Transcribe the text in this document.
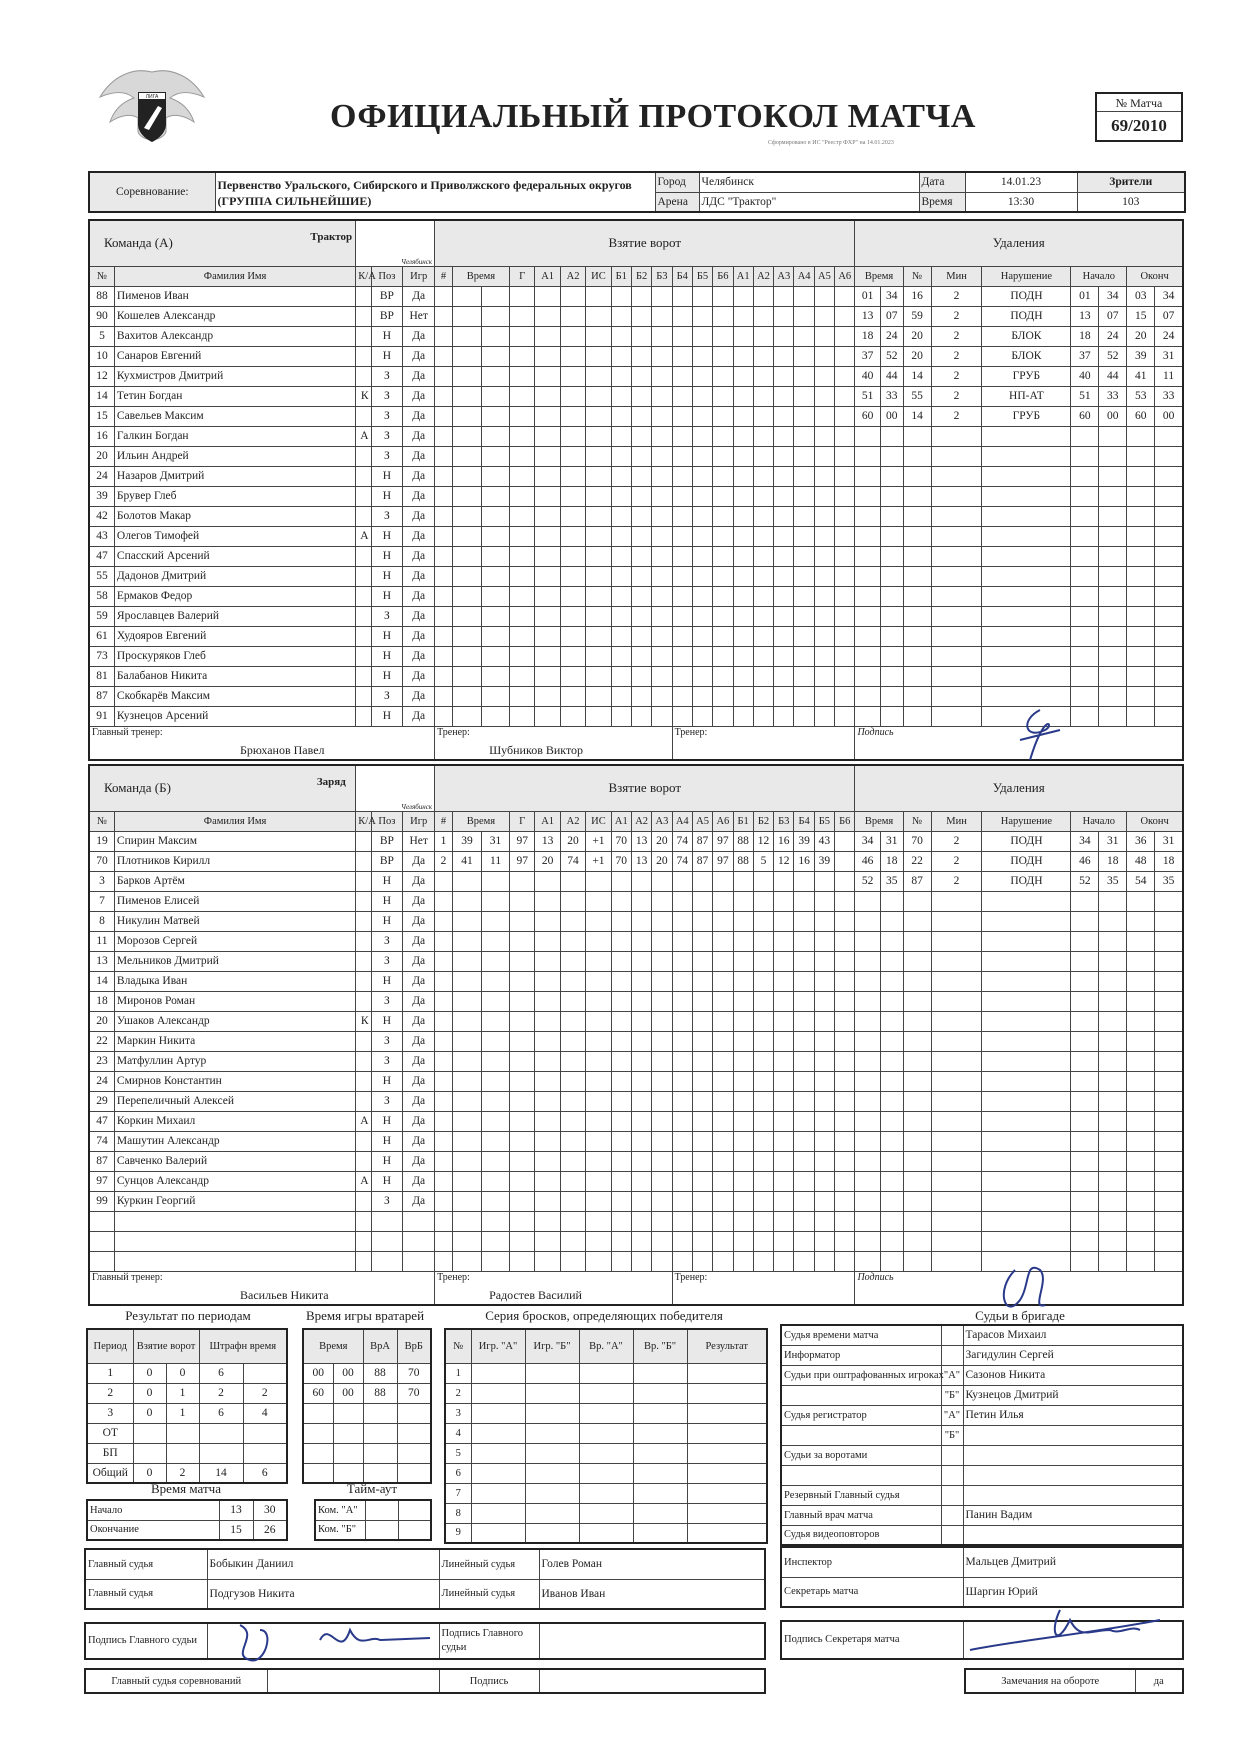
ЛИГА
ОФИЦИАЛЬНЫЙ ПРОТОКОЛ МАТЧА
Сформировано в ИС "Реестр ФХР" на 14.01.2023
№ Матча
69/2010
Соревнование:	Первенство Уральского, Сибирского и Приволжского федеральных округов (ГРУППА СИЛЬНЕЙШИЕ)	Город	Челябинск	Дата	14.01.23	Зрители
		Арена	ЛДС "Трактор"	Время	13:30	103
Команда (А)		Трактор
Челябинск			Взятие ворот																			Удаления								
№	Фамилия Имя	К/А	Поз	Игр	#	Время		Г	А1	А2	ИС	Б1	Б2	Б3	Б4	Б5	Б6	А1	А2	А3	А4	А5	А6	Время		№	Мин	Нарушение	Начало		Оконч	
88	Пименов Иван		ВР	Да																				01	34	16	2	ПОДН	01	34	03	34
90	Кошелев Александр		ВР	Нет																				13	07	59	2	ПОДН	13	07	15	07
5	Вахитов Александр		Н	Да																				18	24	20	2	БЛОК	18	24	20	24
10	Санаров Евгений		Н	Да																				37	52	20	2	БЛОК	37	52	39	31
12	Кухмистров Дмитрий		З	Да																				40	44	14	2	ГРУБ	40	44	41	11
14	Тетин Богдан	К	З	Да																				51	33	55	2	НП-АТ	51	33	53	33
15	Савельев Максим		З	Да																				60	00	14	2	ГРУБ	60	00	60	00
16	Галкин Богдан	А	З	Да																												
20	Ильин Андрей		З	Да																												
24	Назаров Дмитрий		Н	Да																												
39	Брувер Глеб		Н	Да																												
42	Болотов Макар		З	Да																												
43	Олегов Тимофей	А	Н	Да																												
47	Спасский Арсений		Н	Да																												
55	Дадонов Дмитрий		Н	Да																												
58	Ермаков Федор		Н	Да																												
59	Ярославцев Валерий		З	Да																												
61	Худояров Евгений		Н	Да																												
73	Проскуряков Глеб		Н	Да																												
81	Балабанов Никита		Н	Да																												
87	Скобкарёв Максим		З	Да																												
91	Кузнецов Арсений		Н	Да																												
Главный тренер:
Брюханов Павел					Тренер:
Шубников Виктор										Тренер:									Подпись								
Команда (Б)		Заряд
Челябинск			Взятие ворот																			Удаления								
№	Фамилия Имя	К/А	Поз	Игр	#	Время		Г	А1	А2	ИС	А1	А2	А3	А4	А5	А6	Б1	Б2	Б3	Б4	Б5	Б6	Время		№	Мин	Нарушение	Начало		Оконч	
19	Спирин Максим		ВР	Нет	1	39	31	97	13	20	+1	70	13	20	74	87	97	88	12	16	39	43		34	31	70	2	ПОДН	34	31	36	31
70	Плотников Кирилл		ВР	Да	2	41	11	97	20	74	+1	70	13	20	74	87	97	88	5	12	16	39		46	18	22	2	ПОДН	46	18	48	18
3	Барков Артём		Н	Да																				52	35	87	2	ПОДН	52	35	54	35
7	Пименов Елисей		Н	Да																												
8	Никулин Матвей		Н	Да																												
11	Морозов Сергей		З	Да																												
13	Мельников Дмитрий		З	Да																												
14	Владыка Иван		Н	Да																												
18	Миронов Роман		З	Да																												
20	Ушаков Александр	К	Н	Да																												
22	Маркин Никита		З	Да																												
23	Матфуллин Артур		З	Да																												
24	Смирнов Константин		Н	Да																												
29	Перепеличный Алексей		З	Да																												
47	Коркин Михаил	А	Н	Да																												
74	Машутин Александр		Н	Да																												
87	Савченко Валерий		Н	Да																												
97	Сунцов Александр	А	Н	Да																												
99	Куркин Георгий		З	Да																												

Главный тренер:
Васильев Никита					Тренер:
Радостев Василий										Тренер:									Подпись								
Результат по периодам
Период	Взятие ворот		Штрафн время	
1	0	0	6	
2	0	1	2	2
3	0	1	6	4
ОТ				
БП				
Общий	0	2	14	6
Время игры вратарей
Время		ВрА	ВрБ
00	00	88	70
60	00	88	70

Серия бросков, определяющих победителя
№	Игр. "А"	Игр. "Б"	Вр. "А"	Вр. "Б"	Результат
1					
2					
3					
4					
5					
6					
7					
8					
9					
Время матча
Начало	13	30
Окончание	15	26
Тайм-аут
Ком. "А"		
Ком. "Б"		
Судьи в бригаде
Судья времени матча		Тарасов Михаил
Информатор		Загидулин Сергей
Судьи при оштрафованных игроках	"А"	Сазонов Никита
	"Б"	Кузнецов Дмитрий
Судья регистратор	"А"	Петин Илья
	"Б"	
Судьи за воротами		

Резервный Главный судья		
Главный врач матча		Панин Вадим
Судья видеоповторов		
Главный судья	Бобыкин Даниил	Линейный судья	Голев Роман
Главный судья	Подгузов Никита	Линейный судья	Иванов Иван
Подпись Главного судьи		Подпись Главного судьи	
Главный судья соревнований		Подпись	
Инспектор	Мальцев Дмитрий
Секретарь матча	Шаргин Юрий
Подпись Секретаря матча	
Замечания на обороте	да
